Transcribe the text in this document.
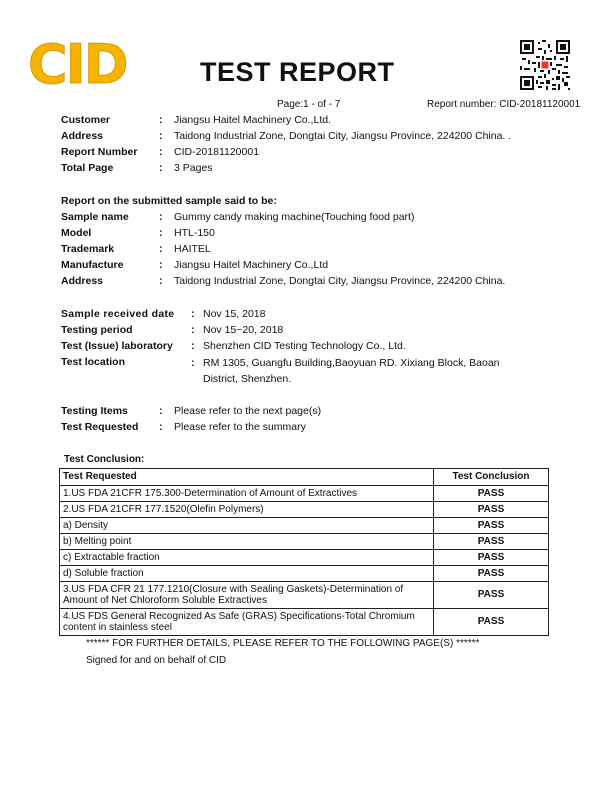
CID	TEST REPORT
Page:1 - of - 7	Report number: CID-20181120001
Customer	: Jiangsu Haitel Machinery Co.,Ltd.
Address	: Taidong Industrial Zone, Dongtai City, Jiangsu Province, 224200 China. .
Report Number : CID-20181120001
Total Page	: 3 Pages
Report on the submitted sample said to be:
Sample name	: Gummy candy making machine(Touching food part)
Model	: HTL-150
Trademark	: HAITEL
Manufacture	: Jiangsu Haitel Machinery Co.,Ltd
Address	: Taidong Industrial Zone, Dongtai City, Jiangsu Province, 224200 China.
Sample received date : Nov 15, 2018
Testing period	: Nov 15~20, 2018
Test (Issue) laboratory : Shenzhen CID Testing Technology Co., Ltd.
Test location	: RM 1305, Guangfu Building,Baoyuan RD. Xixiang Block, Baoan District, Shenzhen.
Testing Items	: Please refer to the next page(s)
Test Requested : Please refer to the summary
Test Conclusion:
Test Requested	Test Conclusion
1.US FDA 21CFR 175.300-Determination of Amount of Extractives	PASS
2.US FDA 21CFR 177.1520(Olefin Polymers)	PASS
a) Density	PASS
b) Melting point	PASS
c) Extractable fraction	PASS
d) Soluble fraction	PASS
3.US FDA CFR 21 177.1210(Closure with Sealing Gaskets)-Determination of Amount of Net Chloroform Soluble Extractives	PASS
4.US FDS General Recognized As Safe (GRAS) Specifications-Total Chromium content in stainless steel	PASS
****** FOR FURTHER DETAILS, PLEASE REFER TO THE FOLLOWING PAGE(S) ******
Signed for and on behalf of CID
